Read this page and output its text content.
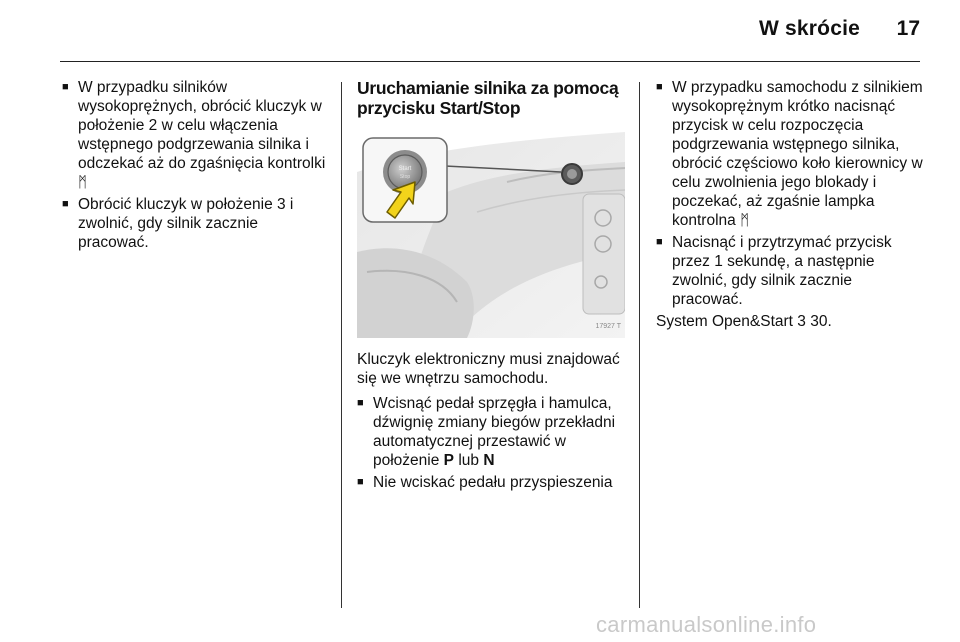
W skrócie	17
■ W przypadku silników wysokoprężnych, obrócić kluczyk w położenie 2 w celu włączenia wstępnego podgrzewania silnika i odczekać aż do zgaśnięcia kontrolki ᛗ
■ Obrócić kluczyk w położenie 3 i zwolnić, gdy silnik zacznie pracować.
Uruchamianie silnika za pomocą przycisku Start/Stop
Start
Stop
17927 T
Kluczyk elektroniczny musi znajdować się we wnętrzu samochodu.
■ Wcisnąć pedał sprzęgła i hamulca, dźwignię zmiany biegów przekładni automatycznej przestawić w położenie P lub N
■ Nie wciskać pedału przyspieszenia
■ W przypadku samochodu z silnikiem wysokoprężnym krótko nacisnąć przycisk w celu rozpoczęcia podgrzewania wstępnego silnika, obrócić częściowo koło kierownicy w celu zwolnienia jego blokady i poczekać, aż zgaśnie lampka kontrolna ᛗ
■ Nacisnąć i przytrzymać przycisk przez 1 sekundę, a następnie zwolnić, gdy silnik zacznie pracować.
System Open&Start 3 30.
carmanualsonline.info
